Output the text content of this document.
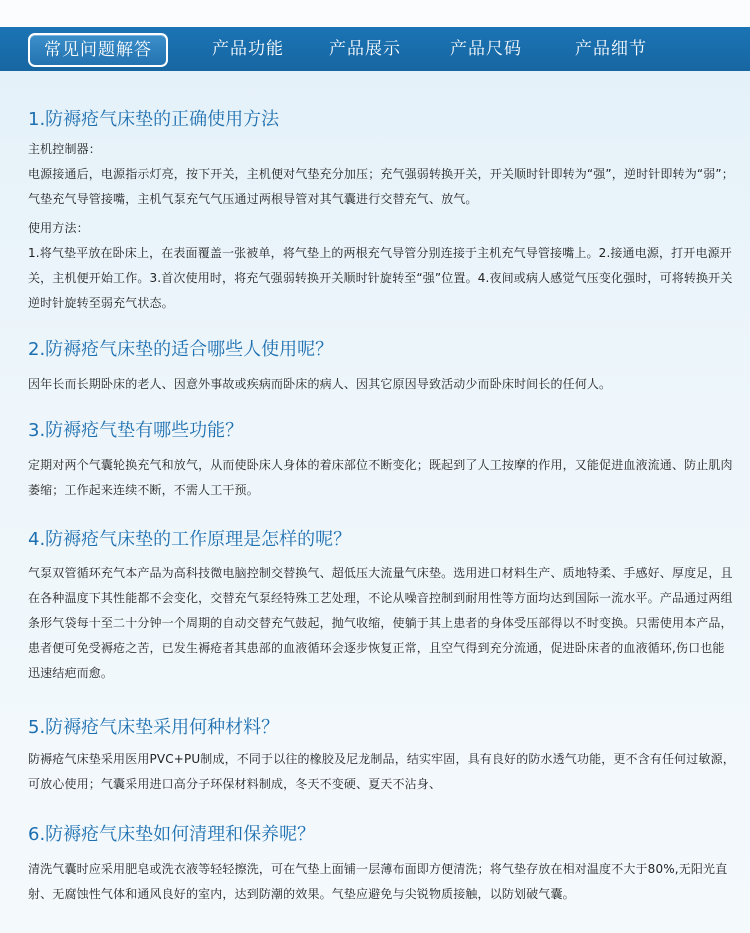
常见问题解答	产品功能	产品展示	产品尺码	产品细节
1.防褥疮气床垫的正确使用方法
主机控制器：
电源接通后，电源指示灯亮，按下开关，主机便对气垫充分加压；充气强弱转换开关，开关顺时针即转为“强”，逆时针即转为“弱”；气垫充气导管接嘴，主机气泵充气气压通过两根导管对其气囊进行交替充气、放气。
使用方法：
1.将气垫平放在卧床上，在表面覆盖一张被单，将气垫上的两根充气导管分别连接于主机充气导管接嘴上。2.接通电源，打开电源开关，主机便开始工作。3.首次使用时，将充气强弱转换开关顺时针旋转至“强”位置。4.夜间或病人感觉气压变化强时，可将转换开关逆时针旋转至弱充气状态。
2.防褥疮气床垫的适合哪些人使用呢？

因年长而长期卧床的老人、因意外事故或疾病而卧床的病人、因其它原因导致活动少而卧床时间长的任何人。

3.防褥疮气垫有哪些功能？

定期对两个气囊轮换充气和放气，从而使卧床人身体的着床部位不断变化；既起到了人工按摩的作用，又能促进血液流通、防止肌肉萎缩；工作起来连续不断，不需人工干预。

4.防褥疮气床垫的工作原理是怎样的呢？

气泵双管循环充气本产品为高科技微电脑控制交替换气、超低压大流量气床垫。选用进口材料生产、质地特柔、手感好、厚度足，且在各种温度下其性能都不会变化，交替充气泵经特殊工艺处理，不论从噪音控制到耐用性等方面均达到国际一流水平。产品通过两组条形气袋每十至二十分钟一个周期的自动交替充气鼓起，抛气收缩，使躺于其上患者的身体受压部得以不时变换。只需使用本产品，患者便可免受褥疮之苦，已发生褥疮者其患部的血液循环会逐步恢复正常，且空气得到充分流通，促进卧床者的血液循环,伤口也能迅速结疤而愈。

5.防褥疮气床垫采用何种材料？

防褥疮气床垫采用医用PVC+PU制成，不同于以往的橡胶及尼龙制品，结实牢固，具有良好的防水透气功能，更不含有任何过敏源，可放心使用；气囊采用进口高分子环保材料制成，冬天不变硬、夏天不沾身、

6.防褥疮气床垫如何清理和保养呢？

清洗气囊时应采用肥皂或洗衣液等轻轻擦洗，可在气垫上面铺一层薄布面即方便清洗；将气垫存放在相对温度不大于80%,无阳光直射、无腐蚀性气体和通风良好的室内，达到防潮的效果。气垫应避免与尖锐物质接触，以防划破气囊。
